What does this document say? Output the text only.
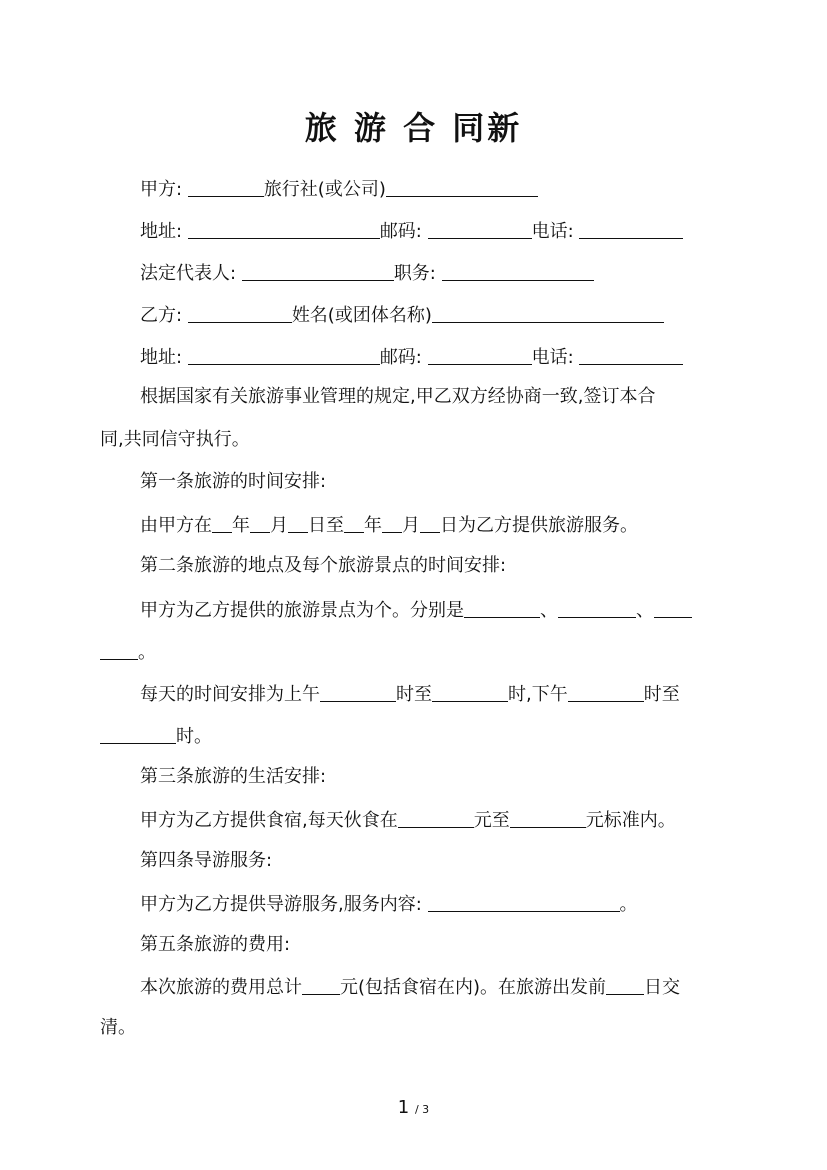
旅 游 合 同新
甲方:	旅行社(或公司)
地址:	邮码:	电话:
法定代表人:	职务:
乙方:	姓名(或团体名称)
地址:	邮码:	电话:
根据国家有关旅游事业管理的规定,甲乙双方经协商一致,签订本合
同,共同信守执行。
第一条旅游的时间安排:
由甲方在 年 月 日至 年 月 日为乙方提供旅游服务。
第二条旅游的地点及每个旅游景点的时间安排:
甲方为乙方提供的旅游景点为个。分别是	、	、
。
每天的时间安排为上午	时至	时,下午	时至
时。
第三条旅游的生活安排:
甲方为乙方提供食宿,每天伙食在	元至	元标准内。
第四条导游服务:
甲方为乙方提供导游服务,服务内容:	。
第五条旅游的费用:
本次旅游的费用总计 元(包括食宿在内)。在旅游出发前 日交
清。
1 / 3
